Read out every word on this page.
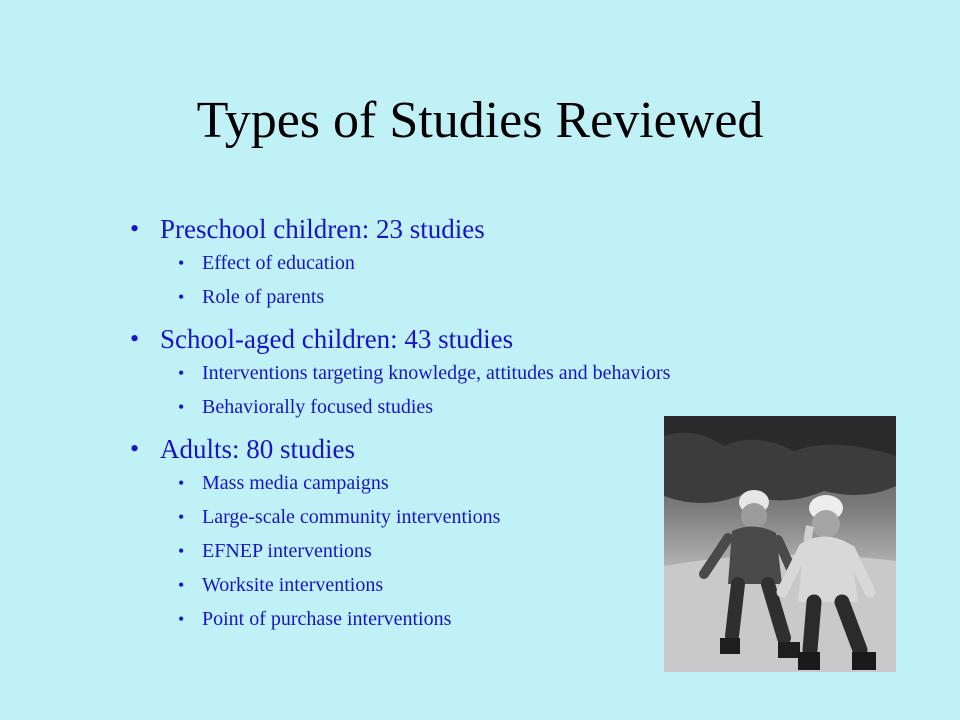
Types of Studies Reviewed
• Preschool children: 23 studies
• Effect of education
• Role of parents
• School-aged children: 43 studies
• Interventions targeting knowledge, attitudes and behaviors
• Behaviorally focused studies
• Adults: 80 studies
• Mass media campaigns
• Large-scale community interventions
• EFNEP interventions
• Worksite interventions
• Point of purchase interventions
